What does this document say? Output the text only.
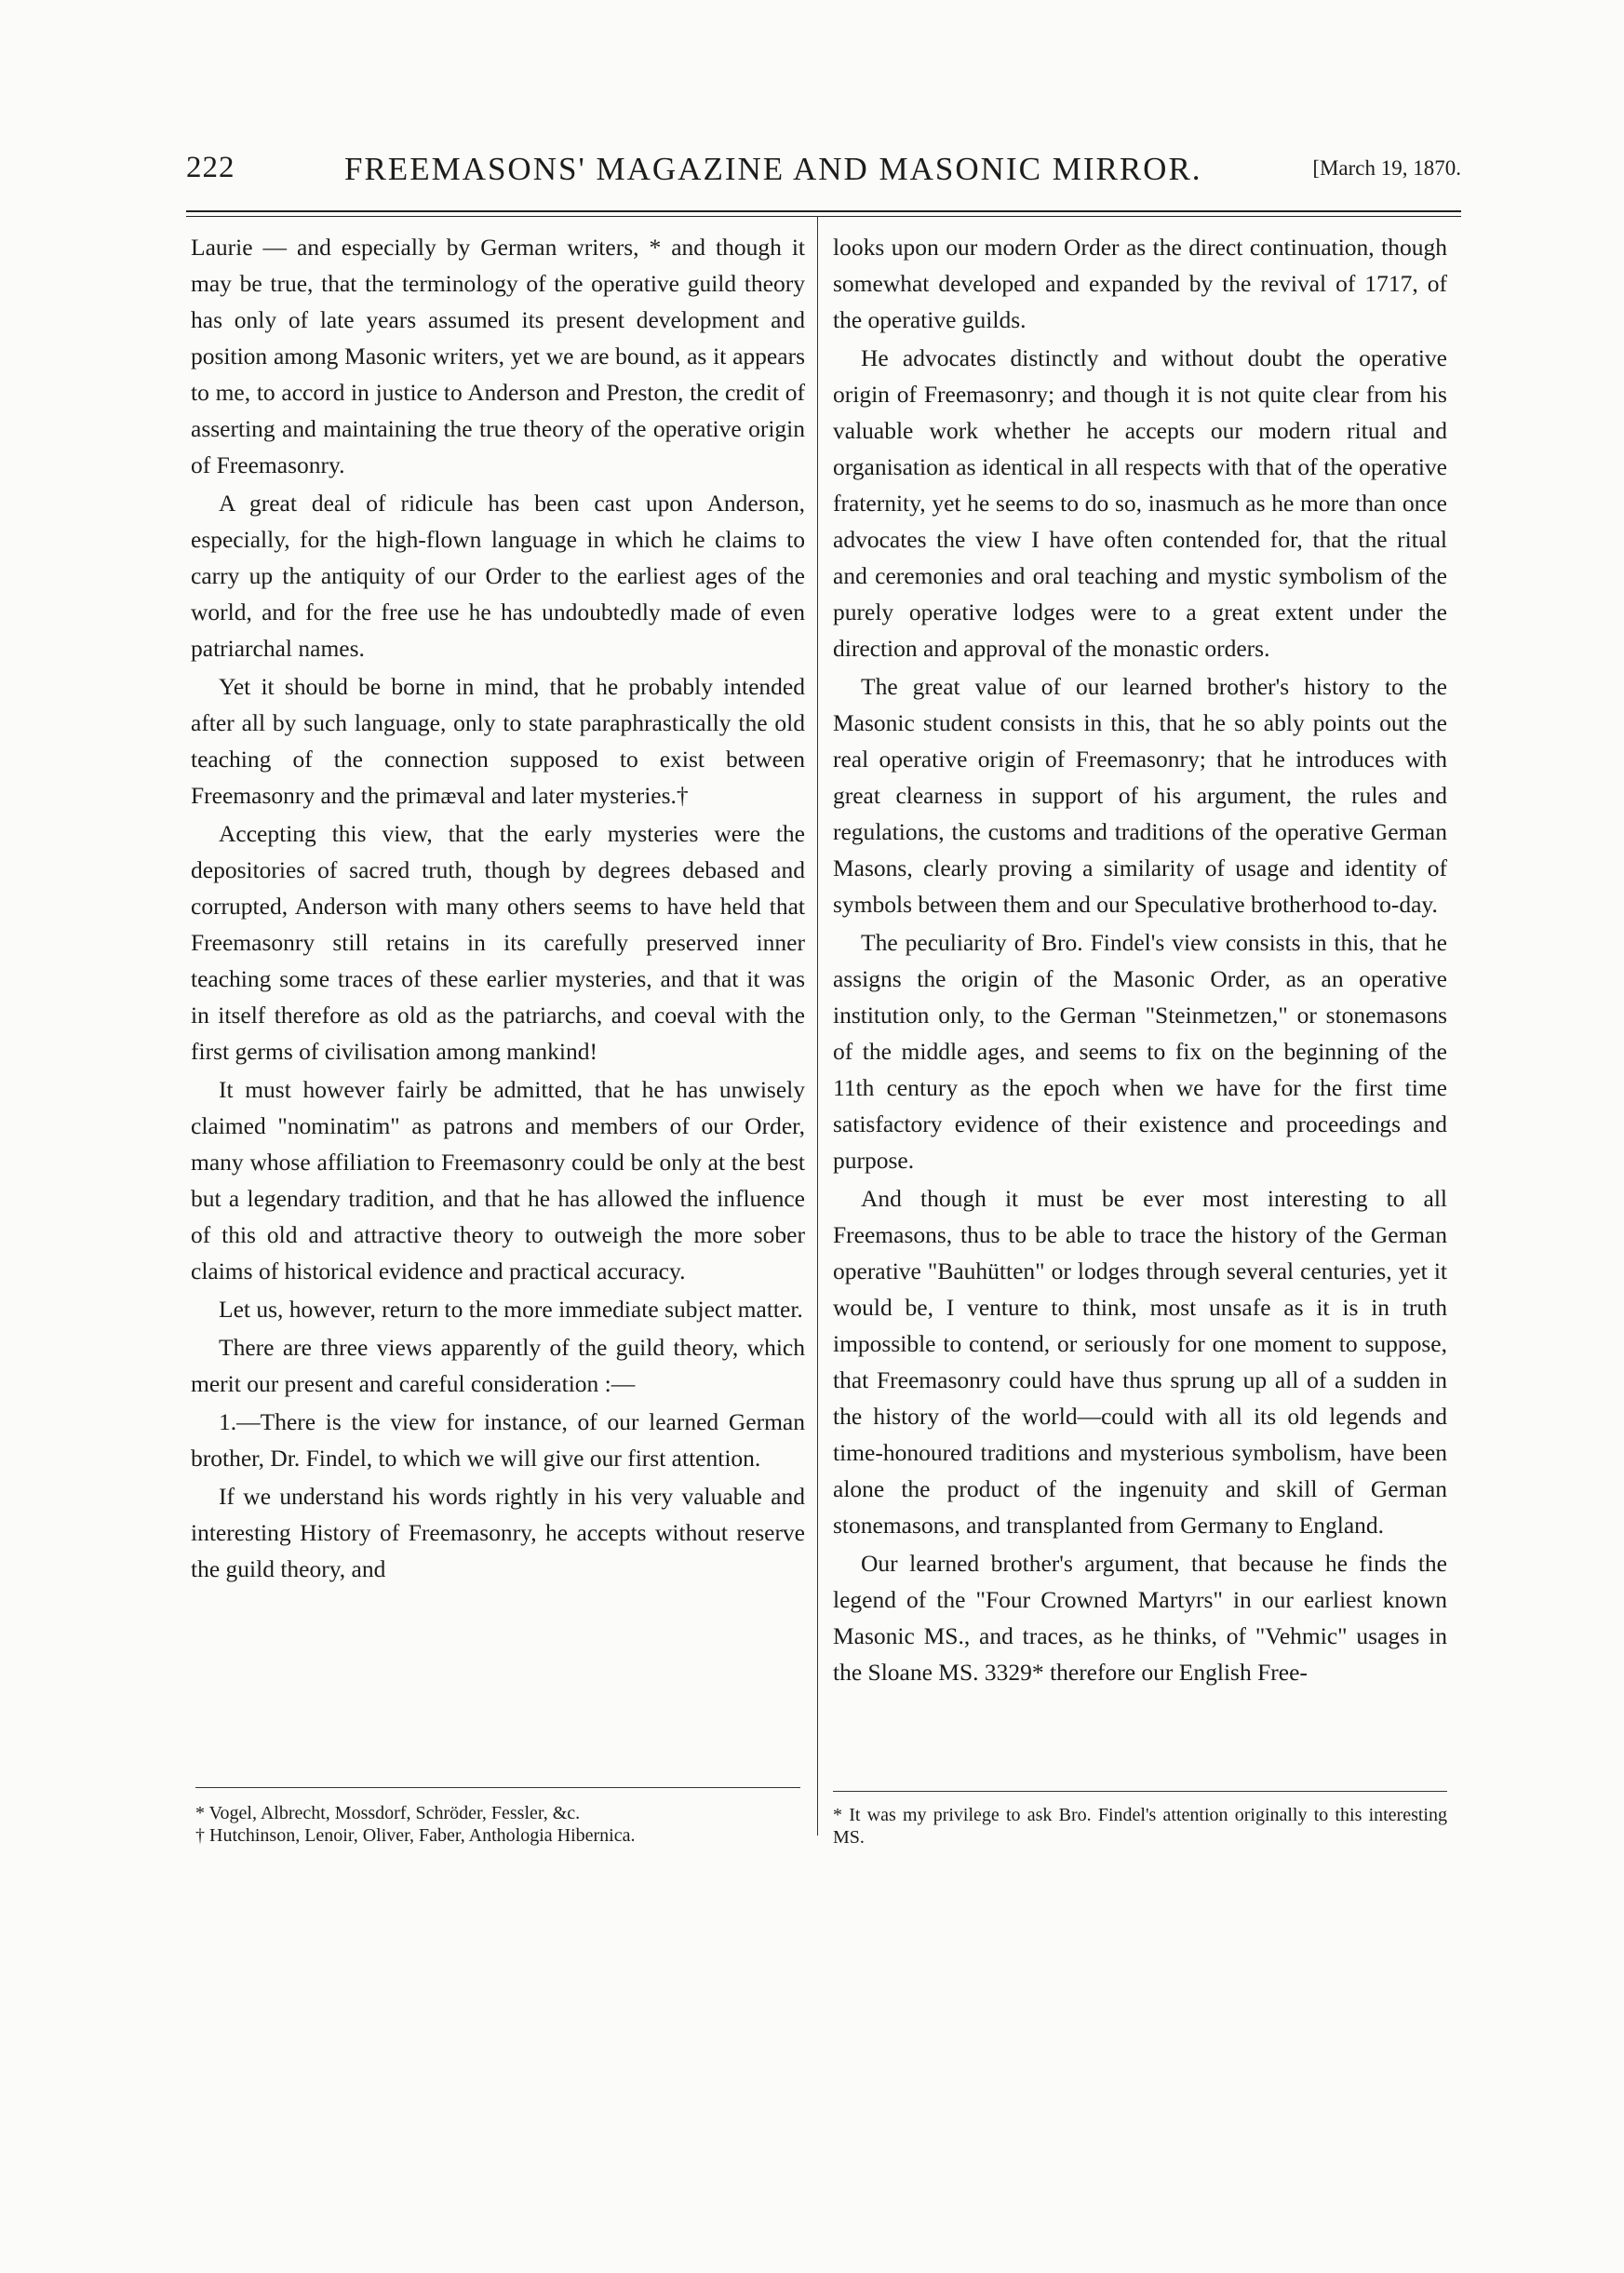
222	FREEMASONS' MAGAZINE AND MASONIC MIRROR.	[March 19, 1870.

Laurie — and especially by German writers, * and though it may be true, that the terminology of the operative guild theory has only of late years assumed its present development and position among Masonic writers, yet we are bound, as it appears to me, to accord in justice to Anderson and Preston, the credit of asserting and maintaining the true theory of the operative origin of Freemasonry.

A great deal of ridicule has been cast upon Anderson, especially, for the high-flown language in which he claims to carry up the antiquity of our Order to the earliest ages of the world, and for the free use he has undoubtedly made of even patriarchal names.

Yet it should be borne in mind, that he probably intended after all by such language, only to state paraphrastically the old teaching of the connection supposed to exist between Freemasonry and the primæval and later mysteries.†

Accepting this view, that the early mysteries were the depositories of sacred truth, though by degrees debased and corrupted, Anderson with many others seems to have held that Freemasonry still retains in its carefully preserved inner teaching some traces of these earlier mysteries, and that it was in itself therefore as old as the patriarchs, and coeval with the first germs of civilisation among mankind!

It must however fairly be admitted, that he has unwisely claimed "nominatim" as patrons and members of our Order, many whose affiliation to Freemasonry could be only at the best but a legendary tradition, and that he has allowed the influence of this old and attractive theory to outweigh the more sober claims of historical evidence and practical accuracy.

Let us, however, return to the more immediate subject matter.

There are three views apparently of the guild theory, which merit our present and careful consideration :—

1.—There is the view for instance, of our learned German brother, Dr. Findel, to which we will give our first attention.

If we understand his words rightly in his very valuable and interesting History of Freemasonry, he accepts without reserve the guild theory, and

looks upon our modern Order as the direct continuation, though somewhat developed and expanded by the revival of 1717, of the operative guilds.

He advocates distinctly and without doubt the operative origin of Freemasonry; and though it is not quite clear from his valuable work whether he accepts our modern ritual and organisation as identical in all respects with that of the operative fraternity, yet he seems to do so, inasmuch as he more than once advocates the view I have often contended for, that the ritual and ceremonies and oral teaching and mystic symbolism of the purely operative lodges were to a great extent under the direction and approval of the monastic orders.

The great value of our learned brother's history to the Masonic student consists in this, that he so ably points out the real operative origin of Freemasonry; that he introduces with great clearness in support of his argument, the rules and regulations, the customs and traditions of the operative German Masons, clearly proving a similarity of usage and identity of symbols between them and our Speculative brotherhood to-day.

The peculiarity of Bro. Findel's view consists in this, that he assigns the origin of the Masonic Order, as an operative institution only, to the German "Steinmetzen," or stonemasons of the middle ages, and seems to fix on the beginning of the 11th century as the epoch when we have for the first time satisfactory evidence of their existence and proceedings and purpose.

And though it must be ever most interesting to all Freemasons, thus to be able to trace the history of the German operative "Bauhütten" or lodges through several centuries, yet it would be, I venture to think, most unsafe as it is in truth impossible to contend, or seriously for one moment to suppose, that Freemasonry could have thus sprung up all of a sudden in the history of the world—could with all its old legends and time-honoured traditions and mysterious symbolism, have been alone the product of the ingenuity and skill of German stonemasons, and transplanted from Germany to England.

Our learned brother's argument, that because he finds the legend of the "Four Crowned Martyrs" in our earliest known Masonic MS., and traces, as he thinks, of "Vehmic" usages in the Sloane MS. 3329* therefore our English Free-

* Vogel, Albrecht, Mossdorf, Schröder, Fessler, &c.
† Hutchinson, Lenoir, Oliver, Faber, Anthologia Hibernica.
* It was my privilege to ask Bro. Findel's attention originally to this interesting MS.
